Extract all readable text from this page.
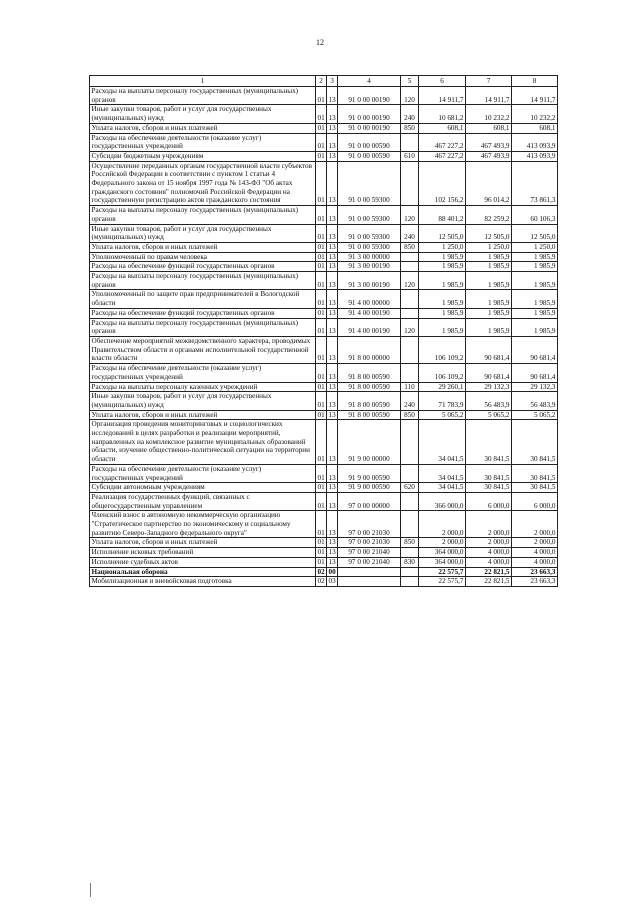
12
1	2	3	4	5	6	7	8
Расходы на выплаты персоналу государственных (муниципальных) органов	01	13	91 0 00 00190	120	14 911,7	14 911,7	14 911,7
Иные закупки товаров, работ и услуг для государственных (муниципальных) нужд	01	13	91 0 00 00190	240	10 681,2	10 232,2	10 232,2
Уплата налогов, сборов и иных платежей	01	13	91 0 00 00190	850	608,1	608,1	608,1
Расходы на обеспечение деятельности (оказание услуг) государственных учреждений	01	13	91 0 00 00590		467 227,2	467 493,9	413 093,9
Субсидии бюджетным учреждениям	01	13	91 0 00 00590	610	467 227,2	467 493,9	413 093,9
Осуществление переданных органам государственной власти субъектов Российской Федерации в соответствии с пунктом 1 статьи 4 Федерального закона от 15 ноября 1997 года № 143-ФЗ "Об актах гражданского состояния" полномочий Российской Федерации на государственную регистрацию актов гражданского состояния	01	13	91 0 00 59300		102 156,2	96 014,2	73 861,3
Расходы на выплаты персоналу государственных (муниципальных) органов	01	13	91 0 00 59300	120	88 401,2	82 259,2	60 106,3
Иные закупки товаров, работ и услуг для государственных (муниципальных) нужд	01	13	91 0 00 59300	240	12 505,0	12 505,0	12 505,0
Уплата налогов, сборов и иных платежей	01	13	91 0 00 59300	850	1 250,0	1 250,0	1 250,0
Уполномоченный по правам человека	01	13	91 3 00 00000		1 985,9	1 985,9	1 985,9
Расходы на обеспечение функций государственных органов	01	13	91 3 00 00190		1 985,9	1 985,9	1 985,9
Расходы на выплаты персоналу государственных (муниципальных) органов	01	13	91 3 00 00190	120	1 985,9	1 985,9	1 985,9
Уполномоченный по защите прав предпринимателей в Вологодской области	01	13	91 4 00 00000		1 985,9	1 985,9	1 985,9
Расходы на обеспечение функций государственных органов	01	13	91 4 00 00190		1 985,9	1 985,9	1 985,9
Расходы на выплаты персоналу государственных (муниципальных) органов	01	13	91 4 00 00190	120	1 985,9	1 985,9	1 985,9
Обеспечение мероприятий межведомственного характера, проводимых Правительством области и органами исполнительной государственной власти области	01	13	91 8 00 00000		106 109,2	90 681,4	90 681,4
Расходы на обеспечение деятельности (оказание услуг) государственных учреждений	01	13	91 8 00 00590		106 109,2	90 681,4	90 681,4
Расходы на выплаты персоналу казенных учреждений	01	13	91 8 00 00590	110	29 260,1	29 132,3	29 132,3
Иные закупки товаров, работ и услуг для государственных (муниципальных) нужд	01	13	91 8 00 00590	240	71 783,9	56 483,9	56 483,9
Уплата налогов, сборов и иных платежей	01	13	91 8 00 00590	850	5 065,2	5 065,2	5 065,2
Организация проведения мониторинговых и социологических исследований в целях разработки и реализации мероприятий, направленных на комплексное развитие муниципальных образований области, изучение общественно-политической ситуации на территории области	01	13	91 9 00 00000		34 041,5	30 841,5	30 841,5
Расходы на обеспечение деятельности (оказание услуг) государственных учреждений	01	13	91 9 00 00590		34 041,5	30 841,5	30 841,5
Субсидии автономным учреждениям	01	13	91 9 00 00590	620	34 041,5	30 841,5	30 841,5
Реализация государственных функций, связанных с общегосударственным управлением	01	13	97 0 00 00000		366 000,0	6 000,0	6 000,0
Членский взнос в автономную некоммерческую организацию "Стратегическое партнерство по экономическому и социальному развитию Северо-Западного федерального округа"	01	13	97 0 00 21030		2 000,0	2 000,0	2 000,0
Уплата налогов, сборов и иных платежей	01	13	97 0 00 21030	850	2 000,0	2 000,0	2 000,0
Исполнение исковых требований	01	13	97 0 00 21040		364 000,0	4 000,0	4 000,0
Исполнение судебных актов	01	13	97 0 00 21040	830	364 000,0	4 000,0	4 000,0
Национальная оборона	02	00			22 575,7	22 821,5	23 663,3
Мобилизационная и вневойсковая подготовка	02	03			22 575,7	22 821,5	23 663,3
